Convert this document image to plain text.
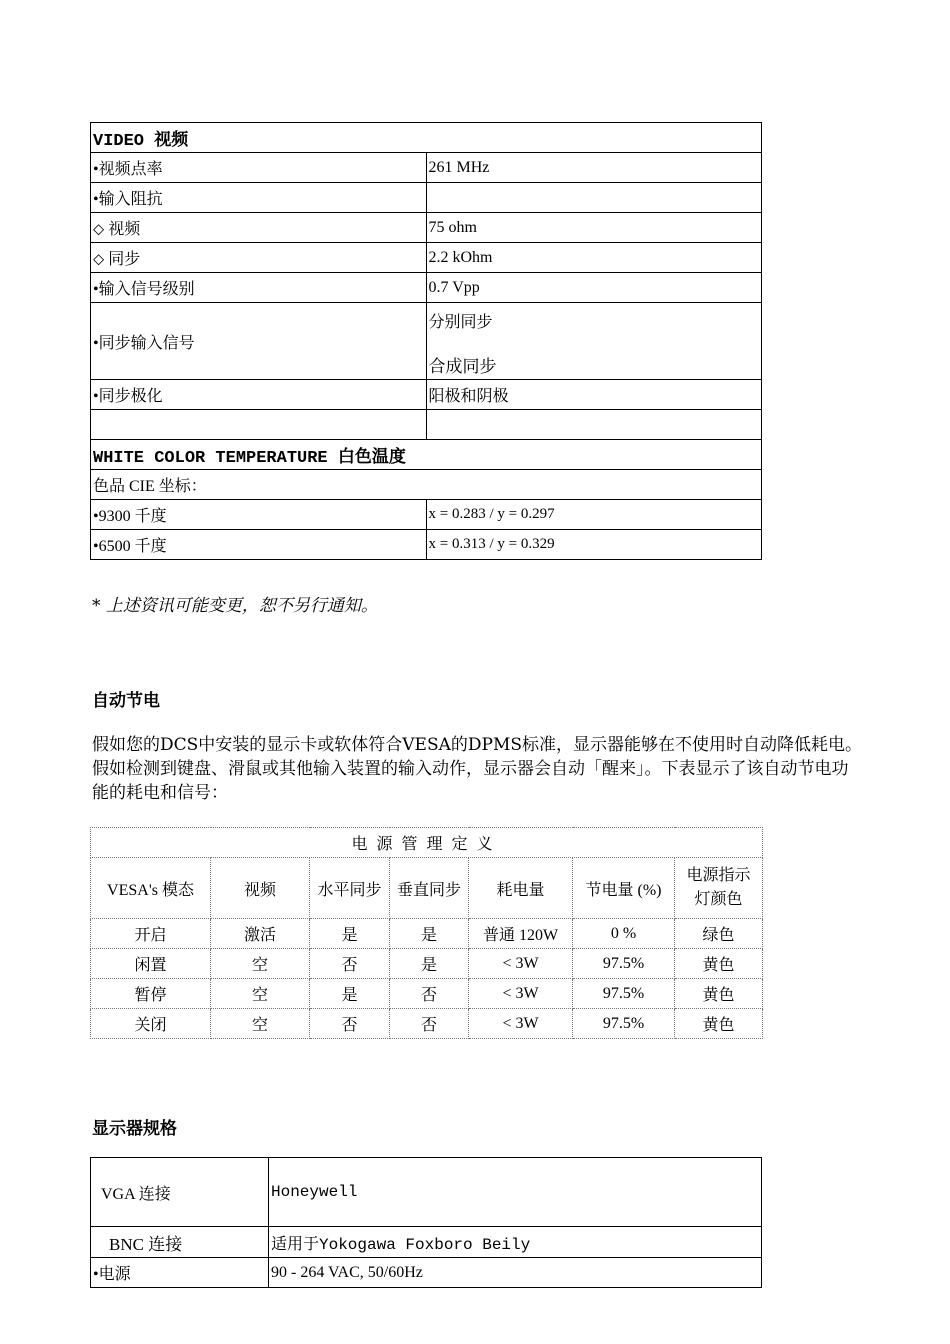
VIDEO 视频	
•视频点率	261 MHz
•输入阻抗	
⬦ 视频	75 ohm
⬦ 同步	2.2 kOhm
•输入信号级别	0.7 Vpp
•同步输入信号	分别同步
合成同步

•同步极化	阳极和阴极

WHITE COLOR TEMPERATURE 白色温度	
色品 CIE 坐标：	
•9300 千度	x = 0.283 / y = 0.297
•6500 千度	x = 0.313 / y = 0.329
* 上述资讯可能变更，恕不另行通知。
自动节电
假如您的DCS中安装的显示卡或软体符合VESA的DPMS标准，显示器能够在不使用时自动降低耗电。假如检测到键盘、滑鼠或其他输入装置的输入动作，显示器会自动「醒来」。下表显示了该自动节电功能的耗电和信号：
电源管理定义						
VESA's 模态	视频	水平同步	垂直同步	耗电量	节电量 (%)	电源指示灯颜色
开启	激活	是	是	普通 120W	0 %	绿色
闲置	空	否	是	< 3W	97.5%	黄色
暂停	空	是	否	< 3W	97.5%	黄色
关闭	空	否	否	< 3W	97.5%	黄色
显示器规格
VGA 连接	Honeywell
BNC 连接	适用于Yokogawa Foxboro Beily
•电源	90 - 264 VAC, 50/60Hz
